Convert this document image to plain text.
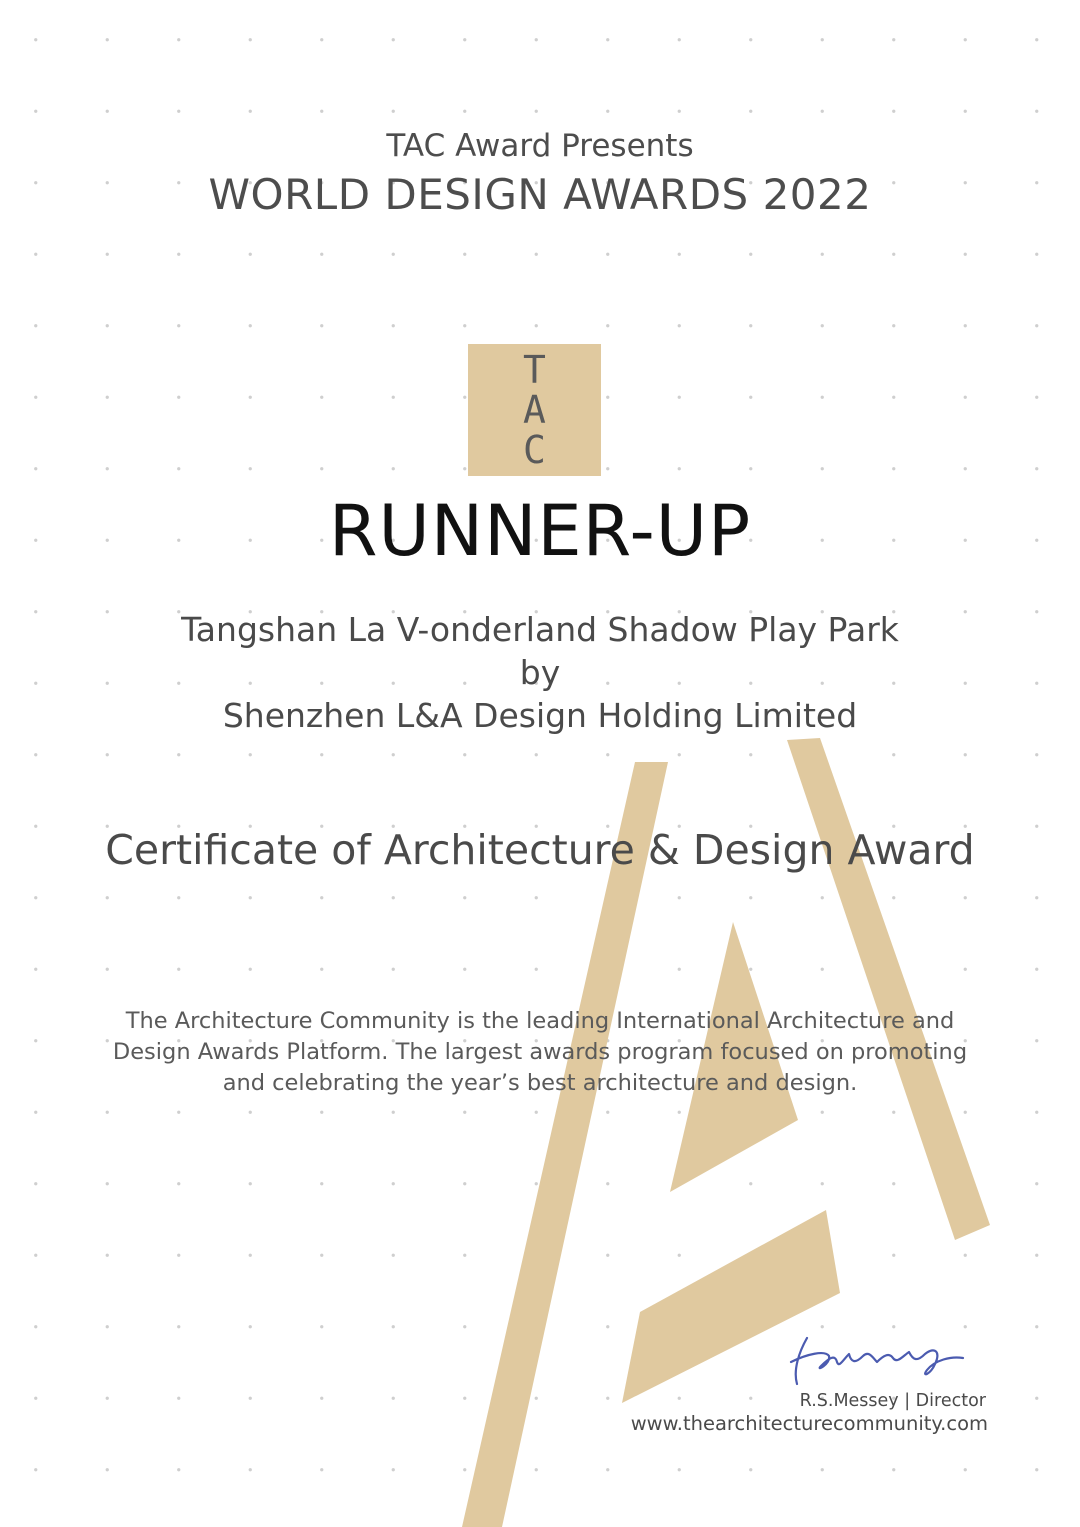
TAC Award Presents
WORLD DESIGN AWARDS 2022
T
A
C
RUNNER-UP
Tangshan La V-onderland Shadow Play Park
by
Shenzhen L&A Design Holding Limited
Certificate of Architecture & Design Award
The Architecture Community is the leading International Architecture and
Design Awards Platform. The largest awards program focused on promoting
and celebrating the year’s best architecture and design.
R.S.Messey | Director
www.thearchitecturecommunity.com
